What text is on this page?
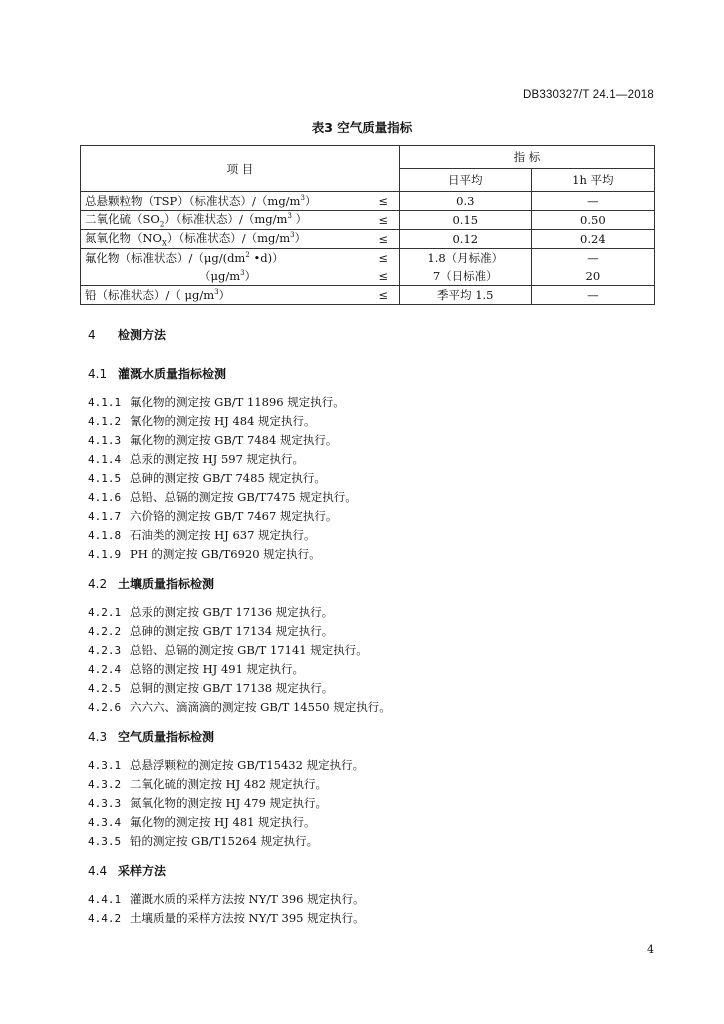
DB330327/T 24.1—2018
表3 空气质量指标
项 目		指 标	
		日平均	1h 平均
总悬颗粒物（TSP）（标准状态）$/(mg/m^3)$	≤	0.3	—
二氧化硫$(SO_2)$（标准状态）$/(mg/m^3$ ）	≤	0.15	0.50
氮氧化物$(NO_X)$（标准状态）$/(mg/m^3)$	≤	0.12	0.24
氟化物（标准状态）$/(\mu g/(dm^2$ •d)）	≤	1.8（月标准）	—
$(\mu g/m^3)$	≤	7（日标准）	20
铅（标准状态）/（ $\mu g/m^3$）	≤	季平均 1.5	—
4 检测方法
4.1 灌溉水质量指标检测
4.1.1 氟化物的测定按 GB/T 11896 规定执行。
4.1.2 氰化物的测定按 HJ 484 规定执行。
4.1.3 氟化物的测定按 GB/T 7484 规定执行。
4.1.4 总汞的测定按 HJ 597 规定执行。
4.1.5 总砷的测定按 GB/T 7485 规定执行。
4.1.6 总铅、总镉的测定按 GB/T7475 规定执行。
4.1.7 六价铬的测定按 GB/T 7467 规定执行。
4.1.8 石油类的测定按 HJ 637 规定执行。
4.1.9 PH 的测定按 GB/T6920 规定执行。
4.2 土壤质量指标检测
4.2.1 总汞的测定按 GB/T 17136 规定执行。
4.2.2 总砷的测定按 GB/T 17134 规定执行。
4.2.3 总铅、总镉的测定按 GB/T 17141 规定执行。
4.2.4 总铬的测定按 HJ 491 规定执行。
4.2.5 总铜的测定按 GB/T 17138 规定执行。
4.2.6 六六六、滴滴滴的测定按 GB/T 14550 规定执行。
4.3 空气质量指标检测
4.3.1 总悬浮颗粒的测定按 GB/T15432 规定执行。
4.3.2 二氧化硫的测定按 HJ 482 规定执行。
4.3.3 氮氧化物的测定按 HJ 479 规定执行。
4.3.4 氟化物的测定按 HJ 481 规定执行。
4.3.5 铅的测定按 GB/T15264 规定执行。
4.4 采样方法
4.4.1 灌溉水质的采样方法按 NY/T 396 规定执行。
4.4.2 土壤质量的采样方法按 NY/T 395 规定执行。
4
